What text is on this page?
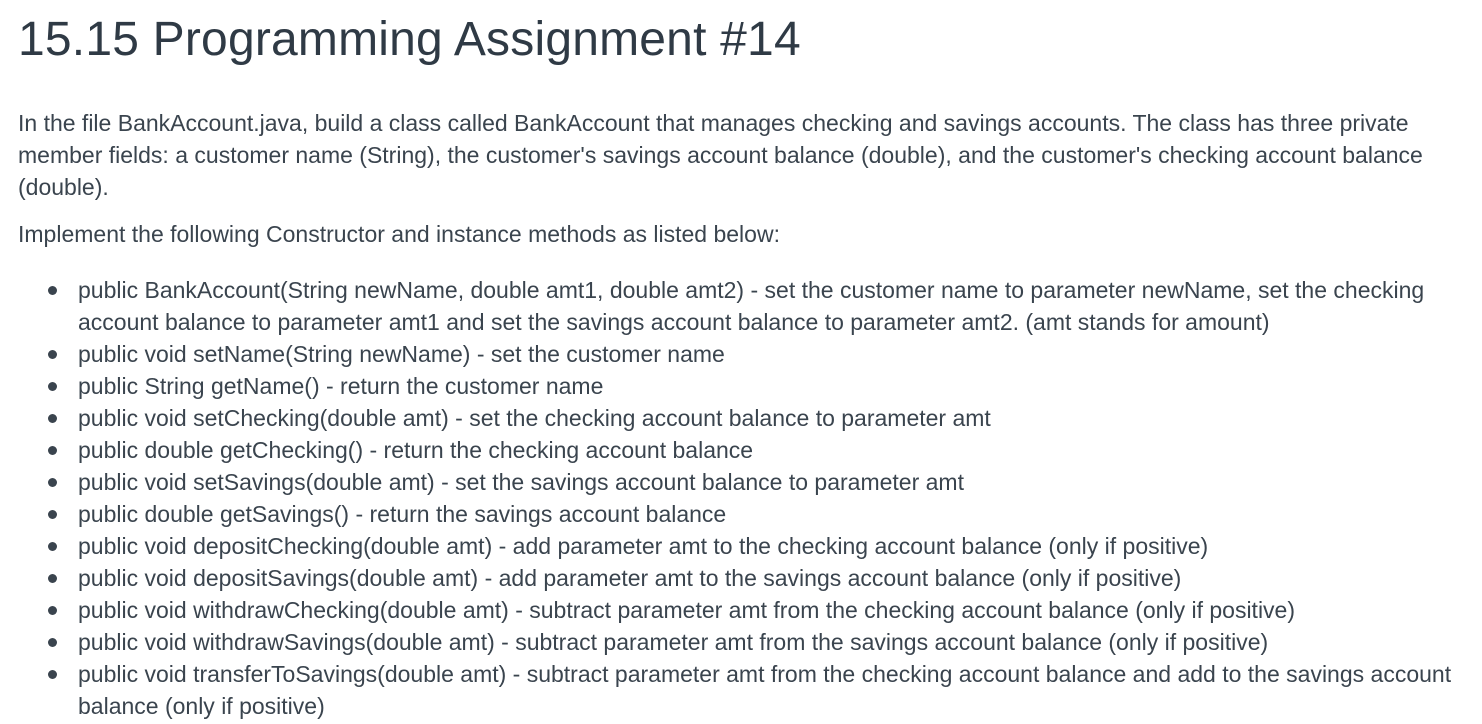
15.15 Programming Assignment #14

In the file BankAccount.java, build a class called BankAccount that manages checking and savings accounts. The class has three private member fields: a customer name (String), the customer's savings account balance (double), and the customer's checking account balance (double).

Implement the following Constructor and instance methods as listed below:

public BankAccount(String newName, double amt1, double amt2) - set the customer name to parameter newName, set the checking account balance to parameter amt1 and set the savings account balance to parameter amt2. (amt stands for amount)
public void setName(String newName) - set the customer name
public String getName() - return the customer name
public void setChecking(double amt) - set the checking account balance to parameter amt
public double getChecking() - return the checking account balance
public void setSavings(double amt) - set the savings account balance to parameter amt
public double getSavings() - return the savings account balance
public void depositChecking(double amt) - add parameter amt to the checking account balance (only if positive)
public void depositSavings(double amt) - add parameter amt to the savings account balance (only if positive)
public void withdrawChecking(double amt) - subtract parameter amt from the checking account balance (only if positive)
public void withdrawSavings(double amt) - subtract parameter amt from the savings account balance (only if positive)
public void transferToSavings(double amt) - subtract parameter amt from the checking account balance and add to the savings account balance (only if positive)
